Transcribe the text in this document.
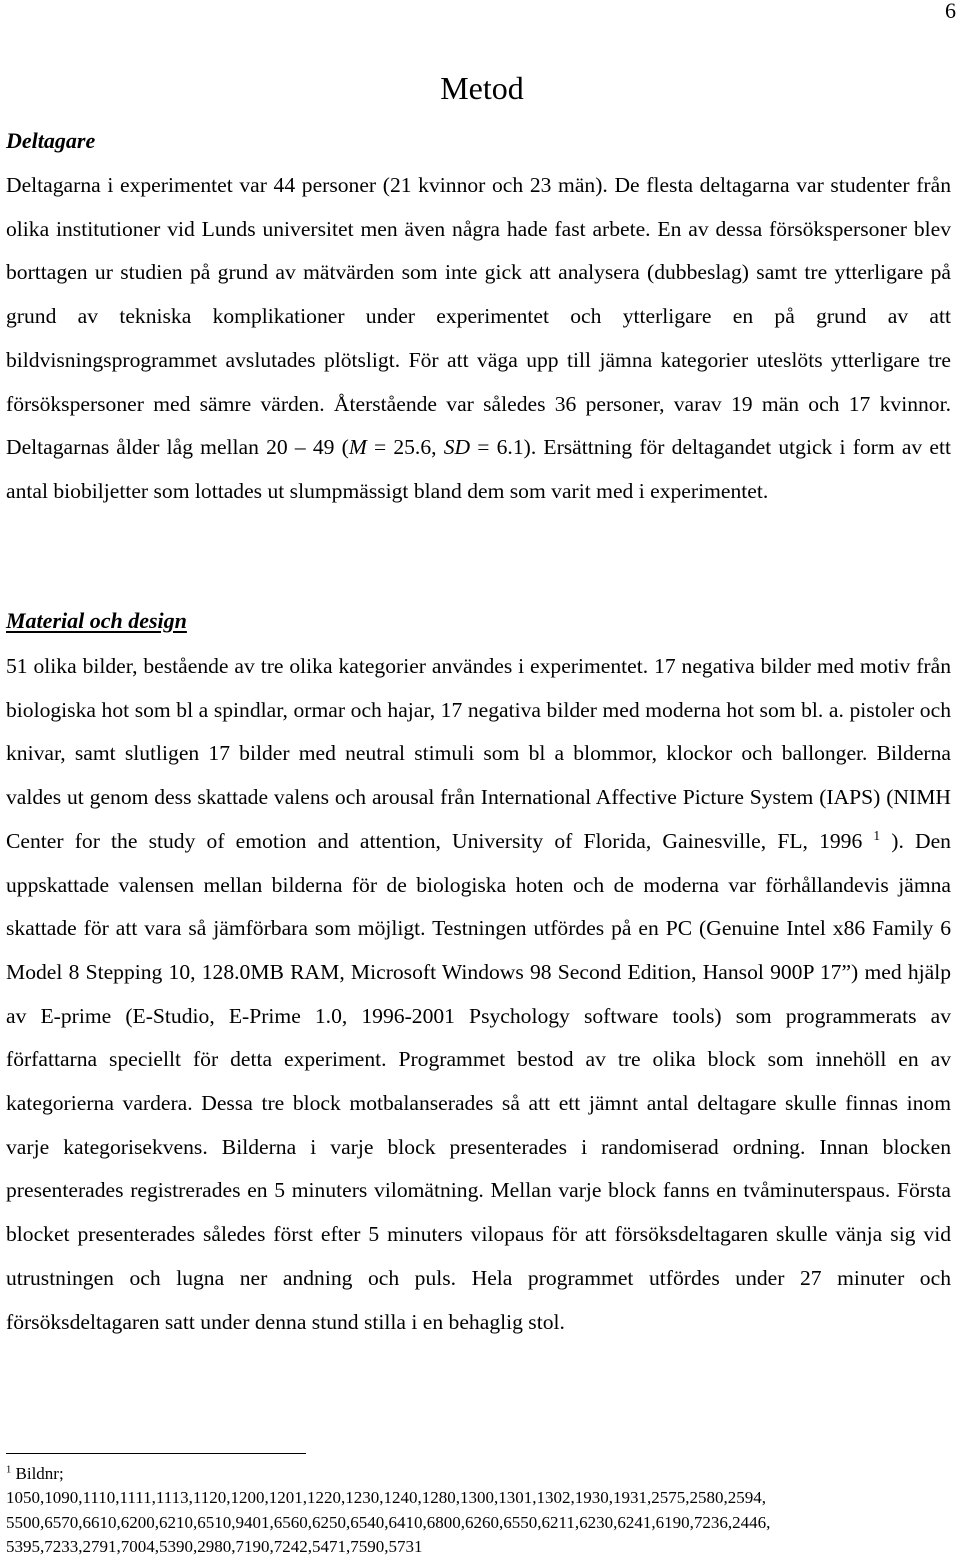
6
Metod
Deltagare

Deltagarna i experimentet var 44 personer (21 kvinnor och 23 män). De flesta deltagarna var studenter från olika institutioner vid Lunds universitet men även några hade fast arbete. En av dessa försökspersoner blev borttagen ur studien på grund av mätvärden som inte gick att analysera (dubbeslag) samt tre ytterligare på grund av tekniska komplikationer under experimentet och ytterligare en på grund av att bildvisningsprogrammet avslutades plötsligt. För att väga upp till jämna kategorier uteslöts ytterligare tre försökspersoner med sämre värden. Återstående var således 36 personer, varav 19 män och 17 kvinnor. Deltagarnas ålder låg mellan 20 – 49 (M = 25.6, SD = 6.1). Ersättning för deltagandet utgick i form av ett antal biobiljetter som lottades ut slumpmässigt bland dem som varit med i experimentet.

Material och design

51 olika bilder, bestående av tre olika kategorier användes i experimentet. 17 negativa bilder med motiv från biologiska hot som bl a spindlar, ormar och hajar, 17 negativa bilder med moderna hot som bl. a. pistoler och knivar, samt slutligen 17 bilder med neutral stimuli som bl a blommor, klockor och ballonger. Bilderna valdes ut genom dess skattade valens och arousal från International Affective Picture System (IAPS) (NIMH Center for the study of emotion and attention, University of Florida, Gainesville, FL, 1996 $^1$ ). Den uppskattade valensen mellan bilderna för de biologiska hoten och de moderna var förhållandevis jämna skattade för att vara så jämförbara som möjligt. Testningen utfördes på en PC (Genuine Intel x86 Family 6 Model 8 Stepping 10, 128.0MB RAM, Microsoft Windows 98 Second Edition, Hansol 900P 17”) med hjälp av E-prime (E-Studio, E-Prime 1.0, 1996-2001 Psychology software tools) som programmerats av författarna speciellt för detta experiment. Programmet bestod av tre olika block som innehöll en av kategorierna vardera. Dessa tre block motbalanserades så att ett jämnt antal deltagare skulle finnas inom varje kategorisekvens. Bilderna i varje block presenterades i randomiserad ordning. Innan blocken presenterades registrerades en 5 minuters vilomätning. Mellan varje block fanns en tvåminuterspaus. Första blocket presenterades således först efter 5 minuters vilopaus för att försöksdeltagaren skulle vänja sig vid utrustningen och lugna ner andning och puls. Hela programmet utfördes under 27 minuter och försöksdeltagaren satt under denna stund stilla i en behaglig stol.

$^1$ Bildnr;
1050,1090,1110,1111,1113,1120,1200,1201,1220,1230,1240,1280,1300,1301,1302,1930,1931,2575,2580,2594,
5500,6570,6610,6200,6210,6510,9401,6560,6250,6540,6410,6800,6260,6550,6211,6230,6241,6190,7236,2446,
5395,7233,2791,7004,5390,2980,7190,7242,5471,7590,5731
